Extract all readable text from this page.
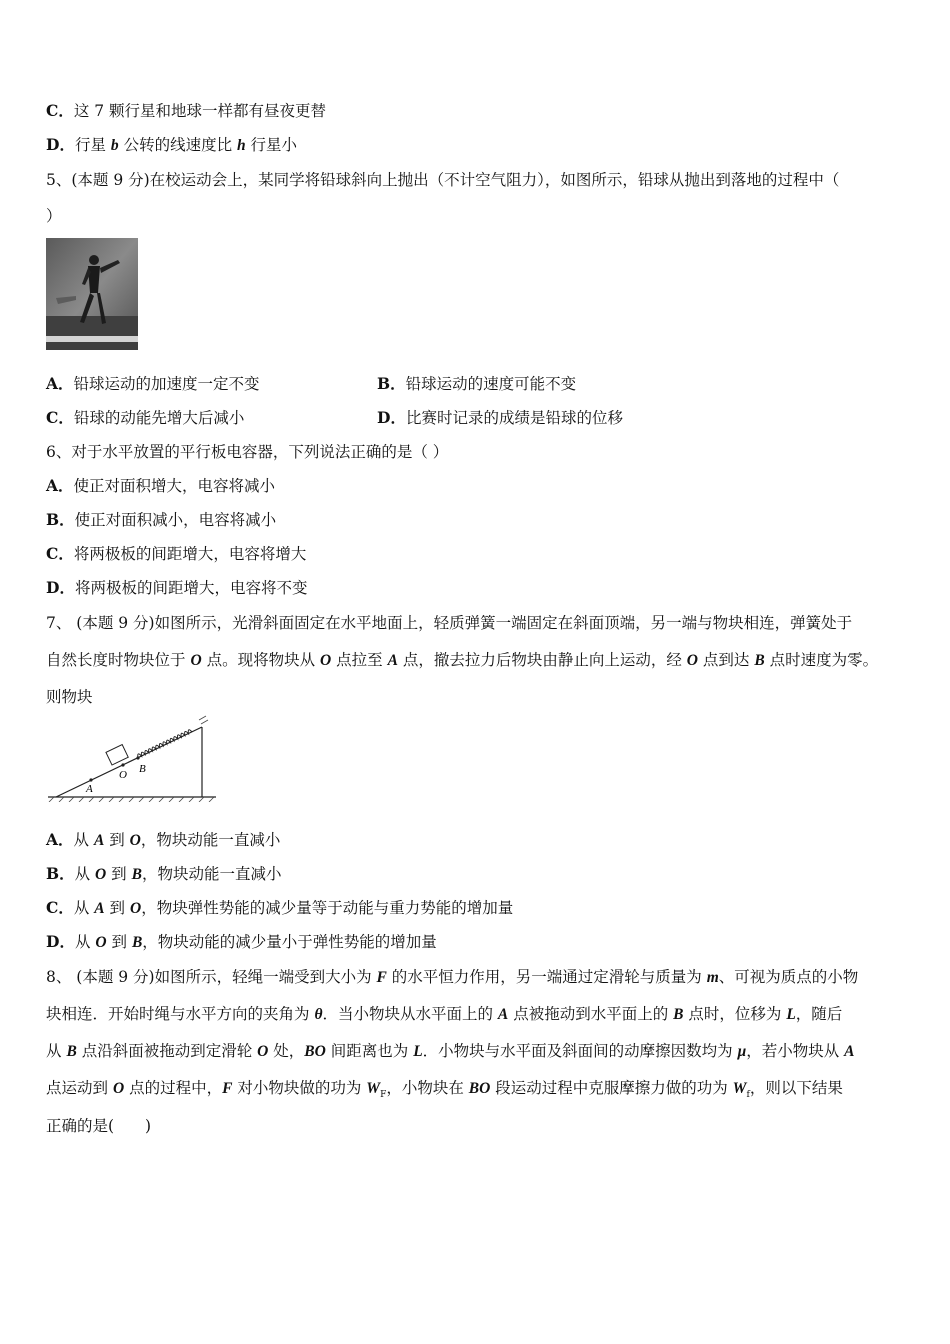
C．这 7 颗行星和地球一样都有昼夜更替
D．行星 b 公转的线速度比 h 行星小
5、(本题 9 分)在校运动会上，某同学将铅球斜向上抛出（不计空气阻力），如图所示，铅球从抛出到落地的过程中（
）
A．铅球运动的加速度一定不变	B．铅球运动的速度可能不变
C．铅球的动能先增大后减小	D．比赛时记录的成绩是铅球的位移
6、对于水平放置的平行板电容器，下列说法正确的是（ ）
A．使正对面积增大，电容将减小
B．使正对面积减小，电容将减小
C．将两极板的间距增大，电容将增大
D．将两极板的间距增大，电容将不变
7、 (本题 9 分)如图所示，光滑斜面固定在水平地面上，轻质弹簧一端固定在斜面顶端，另一端与物块相连，弹簧处于
自然长度时物块位于 O 点。现将物块从 O 点拉至 A 点，撤去拉力后物块由静止向上运动，经 O 点到达 B 点时速度为零。
则物块
A
O B
A．从 A 到 O，物块动能一直减小
B．从 O 到 B，物块动能一直减小
C．从 A 到 O，物块弹性势能的减少量等于动能与重力势能的增加量
D．从 O 到 B，物块动能的减少量小于弹性势能的增加量
8、 (本题 9 分)如图所示，轻绳一端受到大小为 F 的水平恒力作用，另一端通过定滑轮与质量为 m、可视为质点的小物
块相连．开始时绳与水平方向的夹角为 θ．当小物块从水平面上的 A 点被拖动到水平面上的 B 点时，位移为 L，随后
从 B 点沿斜面被拖动到定滑轮 O 处，BO 间距离也为 L．小物块与水平面及斜面间的动摩擦因数均为 μ，若小物块从 A
点运动到 O 点的过程中，F 对小物块做的功为 $W_F$，小物块在 BO 段运动过程中克服摩擦力做的功为 $W_f$，则以下结果
正确的是(　　)
